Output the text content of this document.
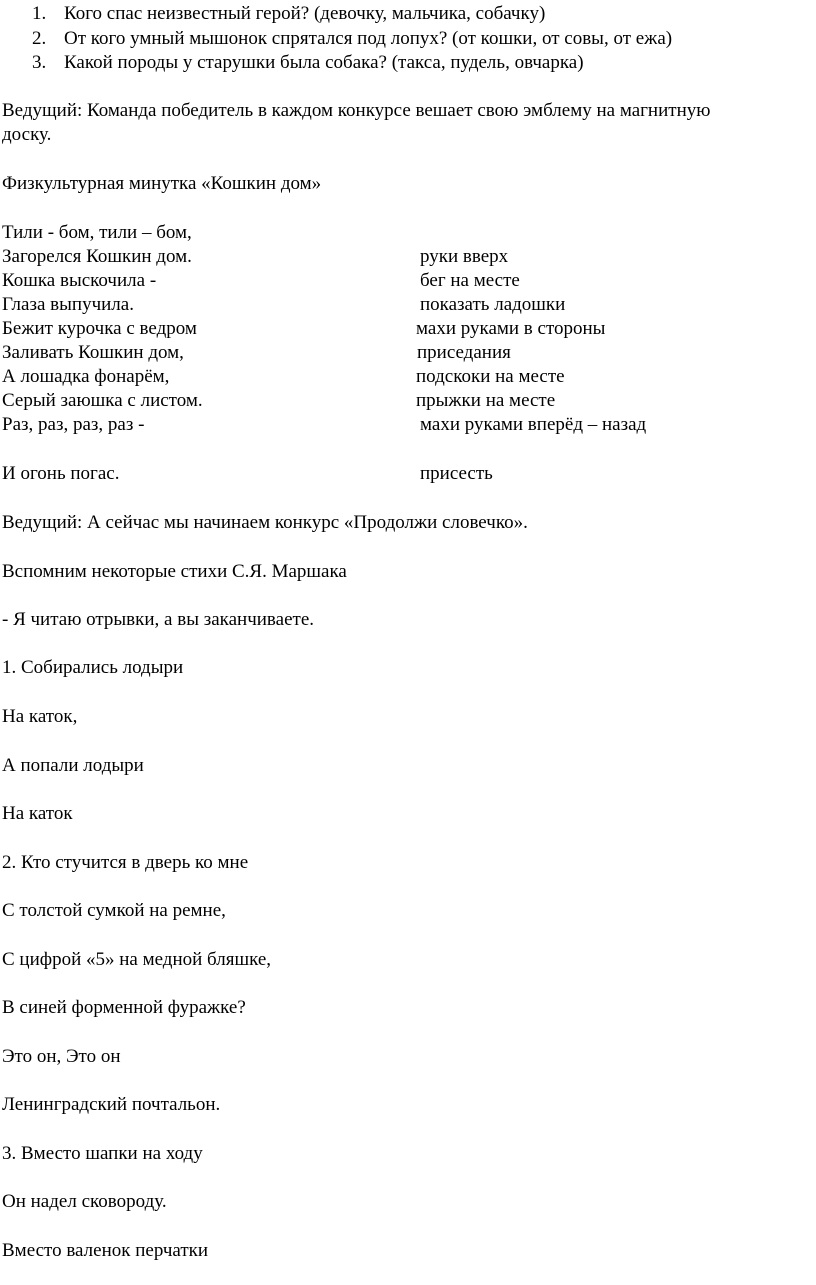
1. Кого спас неизвестный герой? (девочку, мальчика, собачку)
2. От кого умный мышонок спрятался под лопух? (от кошки, от совы, от ежа)
3. Какой породы у старушки была собака? (такса, пудель, овчарка)
Ведущий: Команда победитель в каждом конкурсе вешает свою эмблему на магнитную
доску.
Физкультурная минутка «Кошкин дом»
Тили - бом, тили – бом,
Загорелся Кошкин дом.	руки вверх
Кошка выскочила -	бег на месте
Глаза выпучила.	показать ладошки
Бежит курочка с ведром	махи руками в стороны
Заливать Кошкин дом,	приседания
А лошадка фонарём,	подскоки на месте
Серый заюшка с листом.	прыжки на месте
Раз, раз, раз, раз -	махи руками вперёд – назад
И огонь погас.	присесть
Ведущий: А сейчас мы начинаем конкурс «Продолжи словечко».
Вспомним некоторые стихи С.Я. Маршака
- Я читаю отрывки, а вы заканчиваете.
1. Собирались лодыри
На каток,
А попали лодыри
На каток
2. Кто стучится в дверь ко мне
С толстой сумкой на ремне,
С цифрой «5» на медной бляшке,
В синей форменной фуражке?
Это он, Это он
Ленинградский почтальон.
3. Вместо шапки на ходу
Он надел сковороду.
Вместо валенок перчатки
